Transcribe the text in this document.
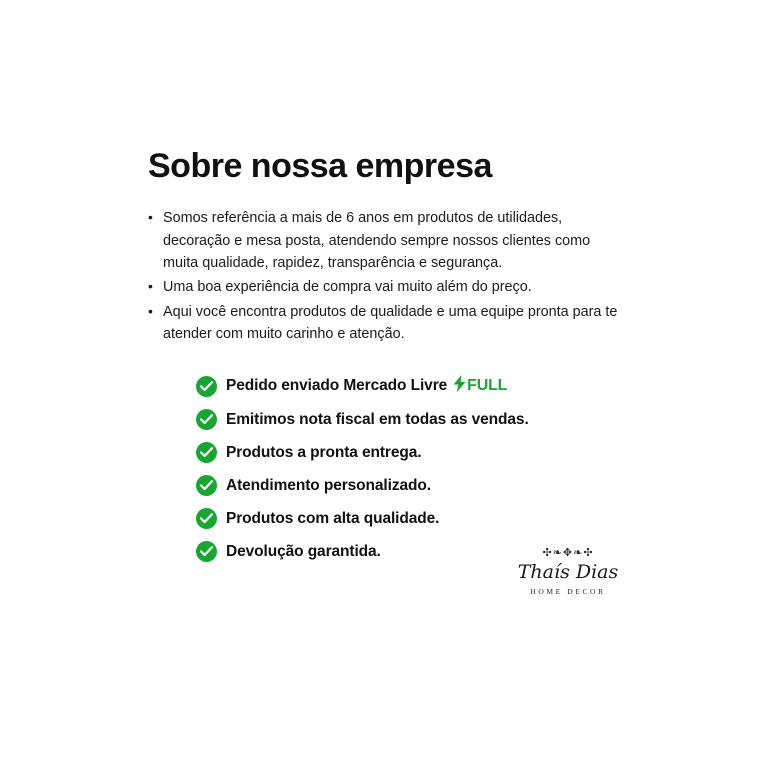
Sobre nossa empresa
• Somos referência a mais de 6 anos em produtos de utilidades, decoração e mesa posta, atendendo sempre nossos clientes como muita qualidade, rapidez, transparência e segurança.
• Uma boa experiência de compra vai muito além do preço.
• Aqui você encontra produtos de qualidade e uma equipe pronta para te atender com muito carinho e atenção.
Pedido enviado Mercado Livre FULL
Emitimos nota fiscal em todas as vendas.
Produtos a pronta entrega.
Atendimento personalizado.
Produtos com alta qualidade.
Devolução garantida.	✣❧✥❧✣
Thaís Dias
HOME DECOR
